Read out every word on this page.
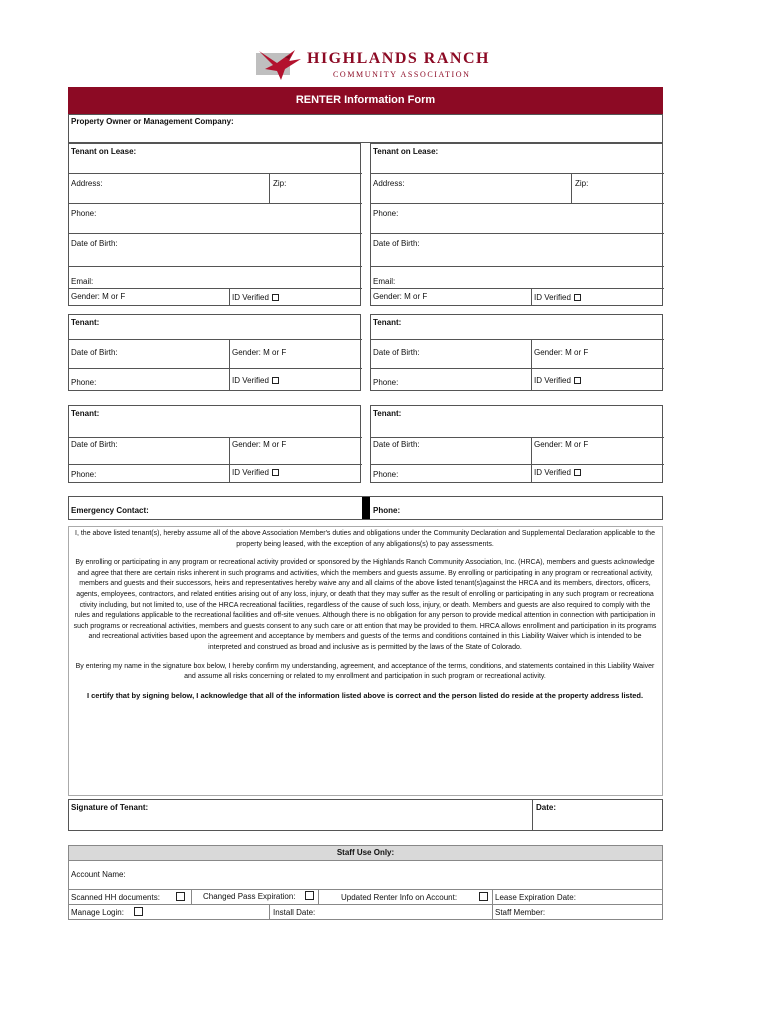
HIGHLANDS RANCH
COMMUNITY ASSOCIATION
RENTER Information Form
Property Owner or Management Company:
Tenant on Lease:
Address:	Zip:
Phone:
Date of Birth:
Email:
Gender: M or F	ID Verified
Tenant on Lease:
Address:	Zip:
Phone:
Date of Birth:
Email:
Gender: M or F	ID Verified
Tenant:
Date of Birth:	Gender: M or F
Phone:	ID Verified
Tenant:
Date of Birth:	Gender: M or F
Phone:	ID Verified
Tenant:
Date of Birth:	Gender: M or F
Phone:	ID Verified
Tenant:
Date of Birth:	Gender: M or F
Phone:	ID Verified
Emergency Contact:	Phone:

I, the above listed tenant(s), hereby assume all of the above Association Member's duties and obligations under the Community Declaration and Supplemental Declaration applicable to the property being leased, with the exception of any abligations(s) to pay assessments.

By enrolling or participating in any program or recreational activity provided or sponsored by the Highlands Ranch Community Association, Inc. (HRCA), members and guests acknowledge and agree that there are certain risks inherent in such programs and activities, which the members and guests assume. By enrolling or participating in any program or recreational activity, members and guests and their successors, heirs and representatives hereby waive any and all claims of the above listed tenant(s)against the HRCA and its members, directors, officers, agents, employees, contractors, and related entities arising out of any loss, injury, or death that they may suffer as the result of enrolling or participating in any such program or recreationa ctivity including, but not limited to, use of the HRCA recreational facilities, regardless of the cause of such loss, injury, or death. Members and guests are also required to comply with the rules and regulations applicable to the recreational facilities and off-site venues. Although there is no obligation for any person to provide medical attention in connection with participation in such programs or recreational activities, members and guests consent to any such care or att ention that may be provided to them. HRCA allows enrollment and participation in its programs and recreational activities based upon the agreement and acceptance by members and guests of the terms and conditions contained in this Liability Waiver which is intended to be interpreted and construed as broad and inclusive as is permitted by the laws of the State of Colorado.

By entering my name in the signature box below, I hereby confirm my understanding, agreement, and acceptance of the terms, conditions, and statements contained in this Liability Waiver and assume all risks concerning or related to my enrollment and participation in such program or recreational activity.

I certify that by signing below, I acknowledge that all of the information listed above is correct and the person listed do reside at the property address listed.

Signature of Tenant:	Date:
Staff Use Only:
Account Name:
Scanned HH documents:	Changed Pass Expiration:	Updated Renter Info on Account:	Lease Expiration Date:
Manage Login:	Install Date:	Staff Member:
